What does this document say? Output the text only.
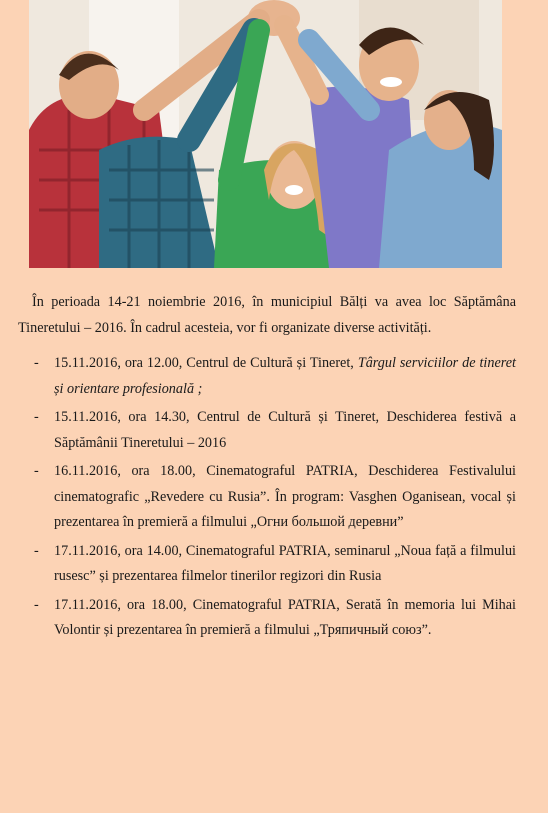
În perioada 14-21 noiembrie 2016, în municipiul Bălți va avea loc Săptămâna Tineretului – 2016. În cadrul acesteia, vor fi organizate diverse activități.

- 15.11.2016, ora 12.00, Centrul de Cultură și Tineret, Târgul serviciilor de tineret și orientare profesională ;
- 15.11.2016, ora 14.30, Centrul de Cultură și Tineret, Deschiderea festivă a Săptămânii Tineretului – 2016
- 16.11.2016, ora 18.00, Cinematograful PATRIA, Deschiderea Festivalului cinematografic „Revedere cu Rusia”. În program: Vasghen Oganisean, vocal și prezentarea în premieră a filmului „Огни большой деревни”
- 17.11.2016, ora 14.00, Cinematograful PATRIA, seminarul „Noua față a filmului rusesc” și prezentarea filmelor tinerilor regizori din Rusia
- 17.11.2016, ora 18.00, Cinematograful PATRIA, Serată în memoria lui Mihai Volontir și prezentarea în premieră a filmului „Тряпичный союз”.
